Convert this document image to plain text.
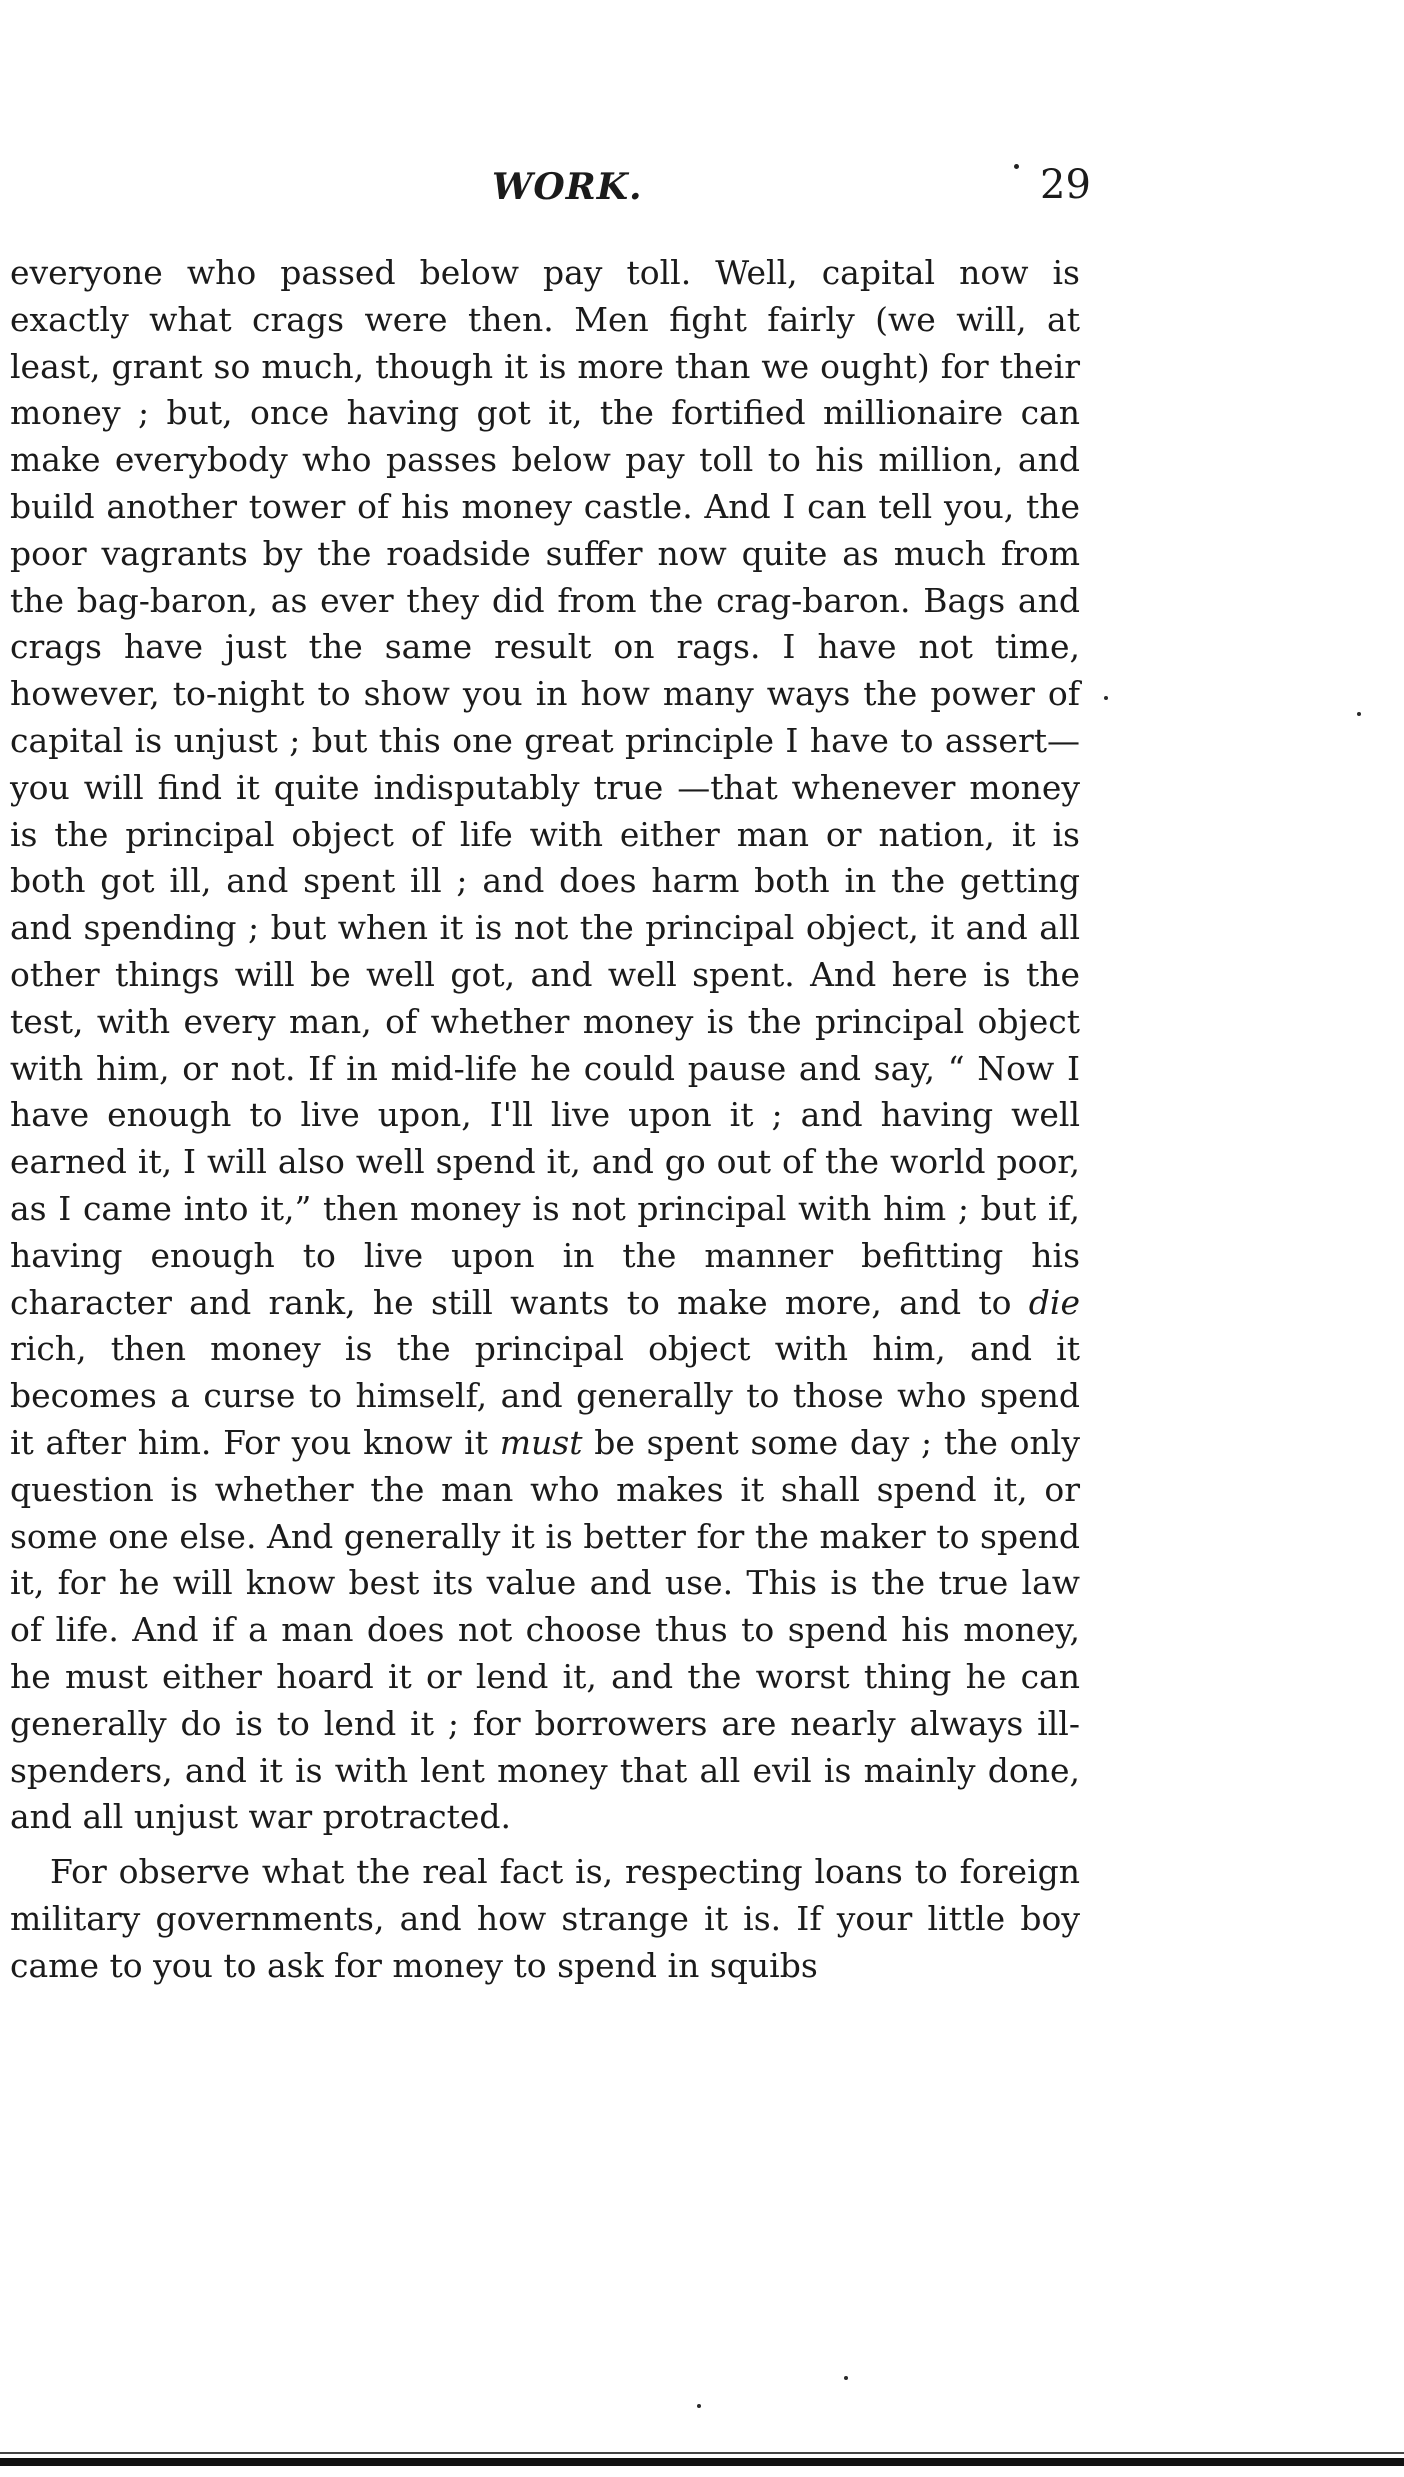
WORK.	29

everyone who passed below pay toll. Well, capital now is exactly what crags were then. Men fight fairly (we will, at least, grant so much, though it is more than we ought) for their money ; but, once having got it, the fortified millionaire can make everybody who passes below pay toll to his million, and build another tower of his money castle. And I can tell you, the poor vagrants by the roadside suffer now quite as much from the bag-baron, as ever they did from the crag-baron. Bags and crags have just the same result on rags. I have not time, however, to-night to show you in how many ways the power of capital is unjust ; but this one great principle I have to assert—you will find it quite indisputably true —that whenever money is the principal object of life with either man or nation, it is both got ill, and spent ill ; and does harm both in the getting and spending ; but when it is not the principal object, it and all other things will be well got, and well spent. And here is the test, with every man, of whether money is the principal object with him, or not. If in mid-life he could pause and say, “ Now I have enough to live upon, I'll live upon it ; and having well earned it, I will also well spend it, and go out of the world poor, as I came into it,” then money is not principal with him ; but if, having enough to live upon in the manner befitting his character and rank, he still wants to make more, and to die rich, then money is the principal object with him, and it becomes a curse to himself, and generally to those who spend it after him. For you know it must be spent some day ; the only question is whether the man who makes it shall spend it, or some one else. And generally it is better for the maker to spend it, for he will know best its value and use. This is the true law of life. And if a man does not choose thus to spend his money, he must either hoard it or lend it, and the worst thing he can generally do is to lend it ; for borrowers are nearly always ill-spenders, and it is with lent money that all evil is mainly done, and all unjust war protracted.

For observe what the real fact is, respecting loans to foreign military governments, and how strange it is. If your little boy came to you to ask for money to spend in squibs
